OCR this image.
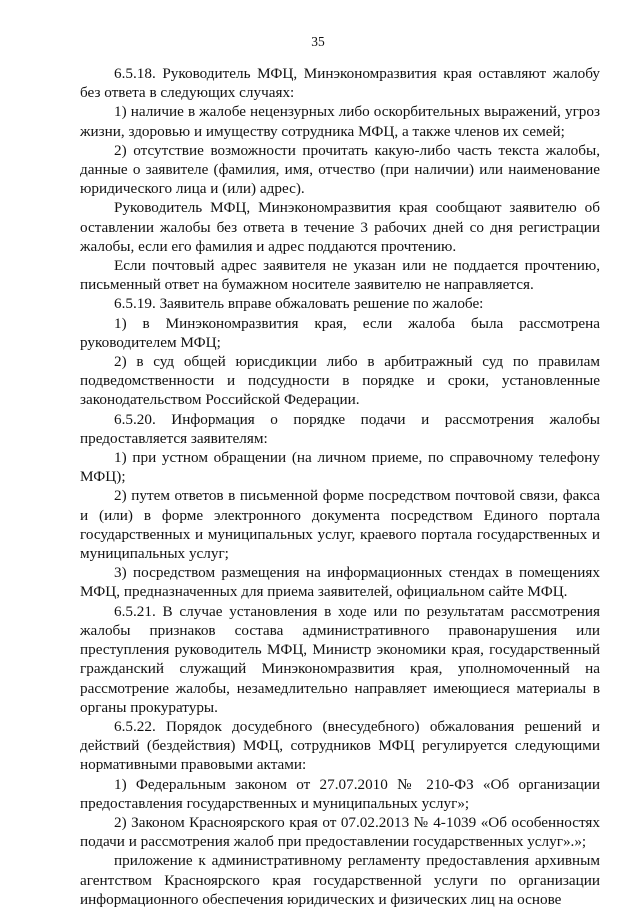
35

6.5.18. Руководитель МФЦ, Минэкономразвития края оставляют жалобу без ответа в следующих случаях:

1) наличие в жалобе нецензурных либо оскорбительных выражений, угроз жизни, здоровью и имуществу сотрудника МФЦ, а также членов их семей;

2) отсутствие возможности прочитать какую-либо часть текста жалобы, данные о заявителе (фамилия, имя, отчество (при наличии) или наименование юридического лица и (или) адрес).

Руководитель МФЦ, Минэкономразвития края сообщают заявителю об оставлении жалобы без ответа в течение 3 рабочих дней со дня регистрации жалобы, если его фамилия и адрес поддаются прочтению.

Если почтовый адрес заявителя не указан или не поддается прочтению, письменный ответ на бумажном носителе заявителю не направляется.

6.5.19. Заявитель вправе обжаловать решение по жалобе:

1) в Минэкономразвития края, если жалоба была рассмотрена руководителем МФЦ;

2) в суд общей юрисдикции либо в арбитражный суд по правилам подведомственности и подсудности в порядке и сроки, установленные законодательством Российской Федерации.

6.5.20. Информация о порядке подачи и рассмотрения жалобы предоставляется заявителям:

1) при устном обращении (на личном приеме, по справочному телефону МФЦ);

2) путем ответов в письменной форме посредством почтовой связи, факса и (или) в форме электронного документа посредством Единого портала государственных и муниципальных услуг, краевого портала государственных и муниципальных услуг;

3) посредством размещения на информационных стендах в помещениях МФЦ, предназначенных для приема заявителей, официальном сайте МФЦ.

6.5.21. В случае установления в ходе или по результатам рассмотрения жалобы признаков состава административного правонарушения или преступления руководитель МФЦ, Министр экономики края, государственный гражданский служащий Минэкономразвития края, уполномоченный на рассмотрение жалобы, незамедлительно направляет имеющиеся материалы в органы прокуратуры.

6.5.22. Порядок досудебного (внесудебного) обжалования решений и действий (бездействия) МФЦ, сотрудников МФЦ регулируется следующими нормативными правовыми актами:

1) Федеральным законом от 27.07.2010 № 210-ФЗ «Об организации предоставления государственных и муниципальных услуг»;

2) Законом Красноярского края от 07.02.2013 № 4-1039 «Об особенностях подачи и рассмотрения жалоб при предоставлении государственных услуг».»;

приложение к административному регламенту предоставления архивным агентством Красноярского края государственной услуги по организации информационного обеспечения юридических и физических лиц на основе
